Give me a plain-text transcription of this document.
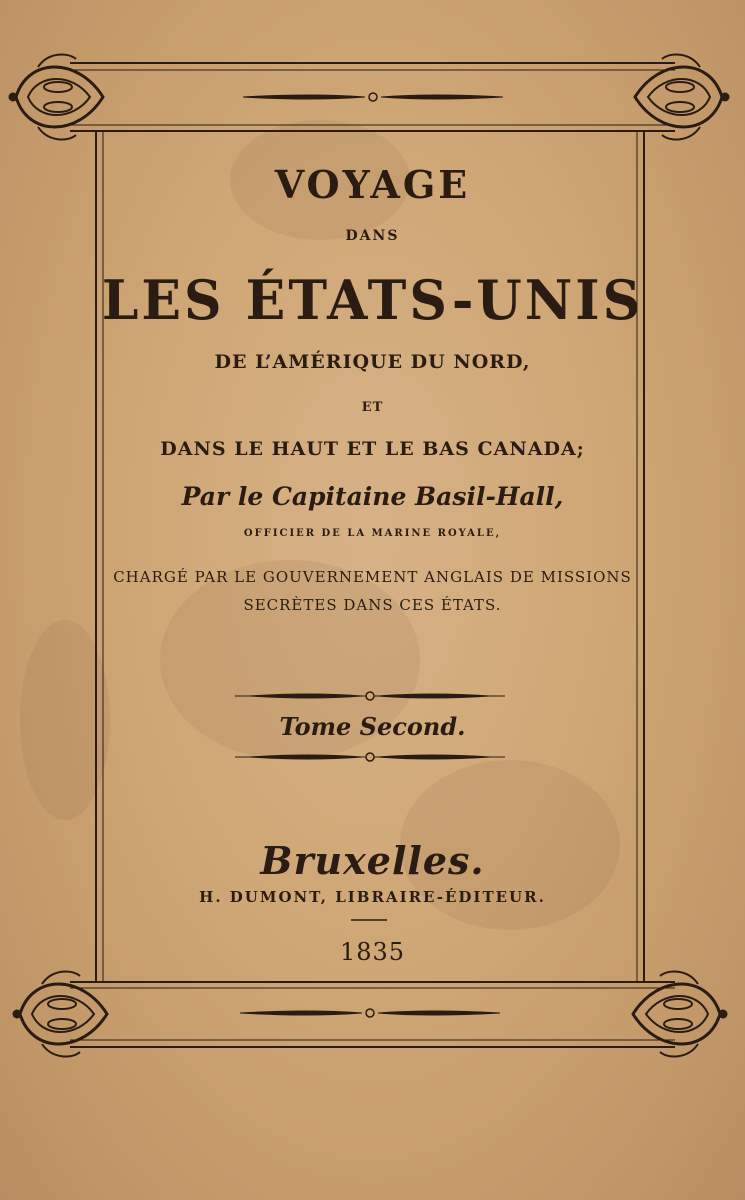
VOYAGE
DANS
LES ÉTATS-UNIS
DE L’AMÉRIQUE DU NORD,
ET
DANS LE HAUT ET LE BAS CANADA;
Par le Capitaine Basil-Hall,
OFFICIER DE LA MARINE ROYALE,
CHARGÉ PAR LE GOUVERNEMENT ANGLAIS DE MISSIONS
SECRÈTES DANS CES ÉTATS.
Tome Second.
Bruxelles.
H. DUMONT, LIBRAIRE-ÉDITEUR.
1835
